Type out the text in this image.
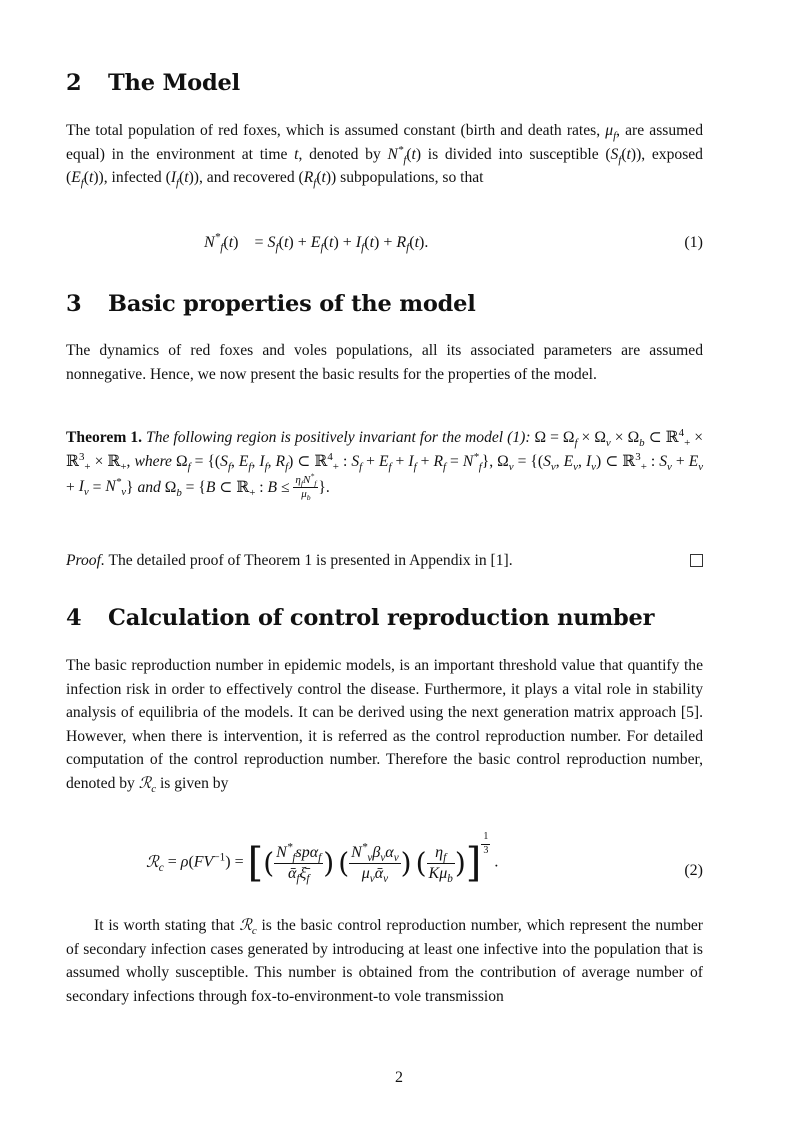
2 The Model

The total population of red foxes, which is assumed constant (birth and death rates, $\mu_f$, are assumed equal) in the environment at time t, denoted by $N^*_f(t)$ is divided into susceptible $(S_f(t))$, exposed $(E_f(t))$, infected $(I_f(t))$, and recovered $(R_f(t))$ subpopulations, so that

$N^*_f(t)$    = $S_f(t) + E_f(t) + I_f(t) + R_f(t)$.	(1)
3 Basic properties of the model

The dynamics of red foxes and voles populations, all its associated parameters are assumed nonnegative. Hence, we now present the basic results for the properties of the model.

Theorem 1. The following region is positively invariant for the model (1): $\Omega = \Omega_f \times \Omega_v \times \Omega_b$ ⊂ ℝ$^4_+$ × ℝ$^3_+$ × ℝ$_+$, where $\Omega_f = \{(S_f$, $E_f$, $I_f$, $R_f$) ⊂ ℝ$^4_+$ : $S_f + E_f + I_f + R_f = N^*_f$}, $\Omega_v = \{(S_v$, $E_v$, $I_v$) ⊂ ℝ$^3_+$ : $S_v + E_v + I_v = N^*_v$} and $\Omega_b = \{B$ ⊂ ℝ$_+$ : $B \le \frac{\eta_fN^*_f}{\mu_b}$ }.

Proof. The detailed proof of Theorem 1 is presented in Appendix in [1].

4 Calculation of control reproduction number

The basic reproduction number in epidemic models, is an important threshold value that quantify the infection risk in order to effectively control the disease. Furthermore, it plays a vital role in stability analysis of equilibria of the models. It can be derived using the next generation matrix approach [5]. However, when there is intervention, it is referred as the control reproduction number. For detailed computation of the control reproduction number. Therefore the basic control reproduction number, denoted by ℛ$_c$ is given by

ℛ$_c$ = $\rho(FV^{-1})$ = [( $\frac{N^*_fsp\alpha_f}{ᾱ_f\xī_f}$ ) ( $\frac{N^*_v\beta_v\alpha_v}{\mu_vᾱ_v}$ ) ( $\frac{\eta_f}{K\mu_b}$ )] $^{\frac{1}{3}}$
.	(2)

It is worth stating that ℛ$_c$ is the basic control reproduction number, which represent the number of secondary infection cases generated by introducing at least one infective into the population that is assumed wholly susceptible. This number is obtained from the contribution of average number of secondary infections through fox-to-environment-to vole transmission

2
